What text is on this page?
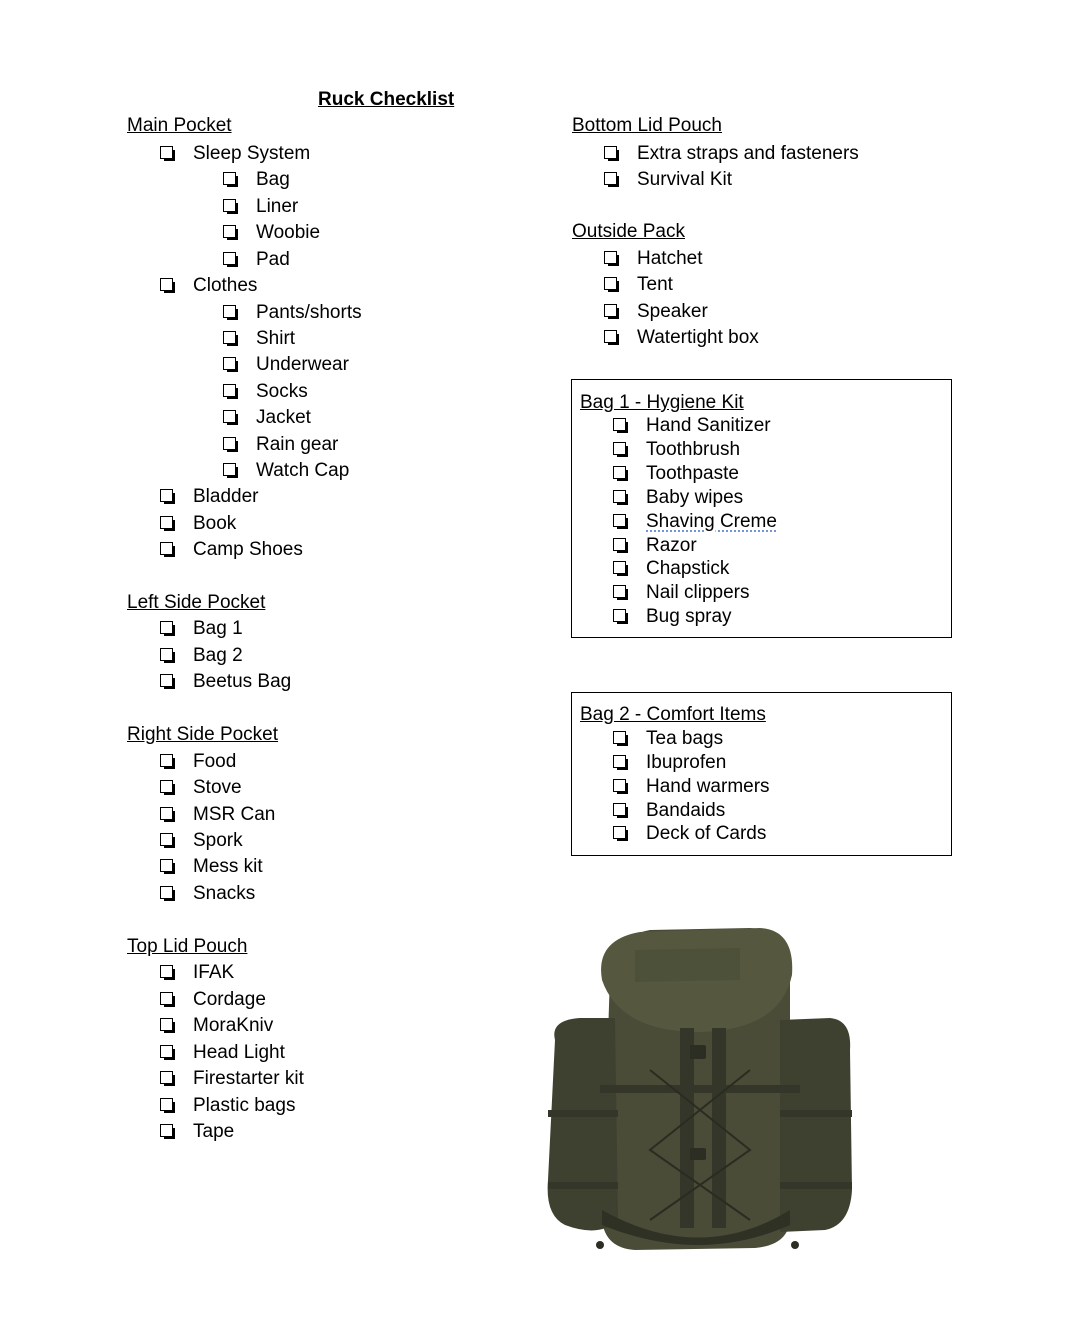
Ruck Checklist
Main Pocket
Sleep System
Bag
Liner
Woobie
Pad
Clothes
Pants/shorts
Shirt
Underwear
Socks
Jacket
Rain gear
Watch Cap
Bladder
Book
Camp Shoes
Left Side Pocket
Bag 1
Bag 2
Beetus Bag
Right Side Pocket
Food
Stove
MSR Can
Spork
Mess kit
Snacks
Top Lid Pouch
IFAK
Cordage
MoraKniv
Head Light
Firestarter kit
Plastic bags
Tape
Bottom Lid Pouch
Extra straps and fasteners
Survival Kit
Outside Pack
Hatchet
Tent
Speaker
Watertight box
Bag 1 - Hygiene Kit
Hand Sanitizer
Toothbrush
Toothpaste
Baby wipes
Shaving Creme
Razor
Chapstick
Nail clippers
Bug spray
Bag 2 - Comfort Items
Tea bags
Ibuprofen
Hand warmers
Bandaids
Deck of Cards
